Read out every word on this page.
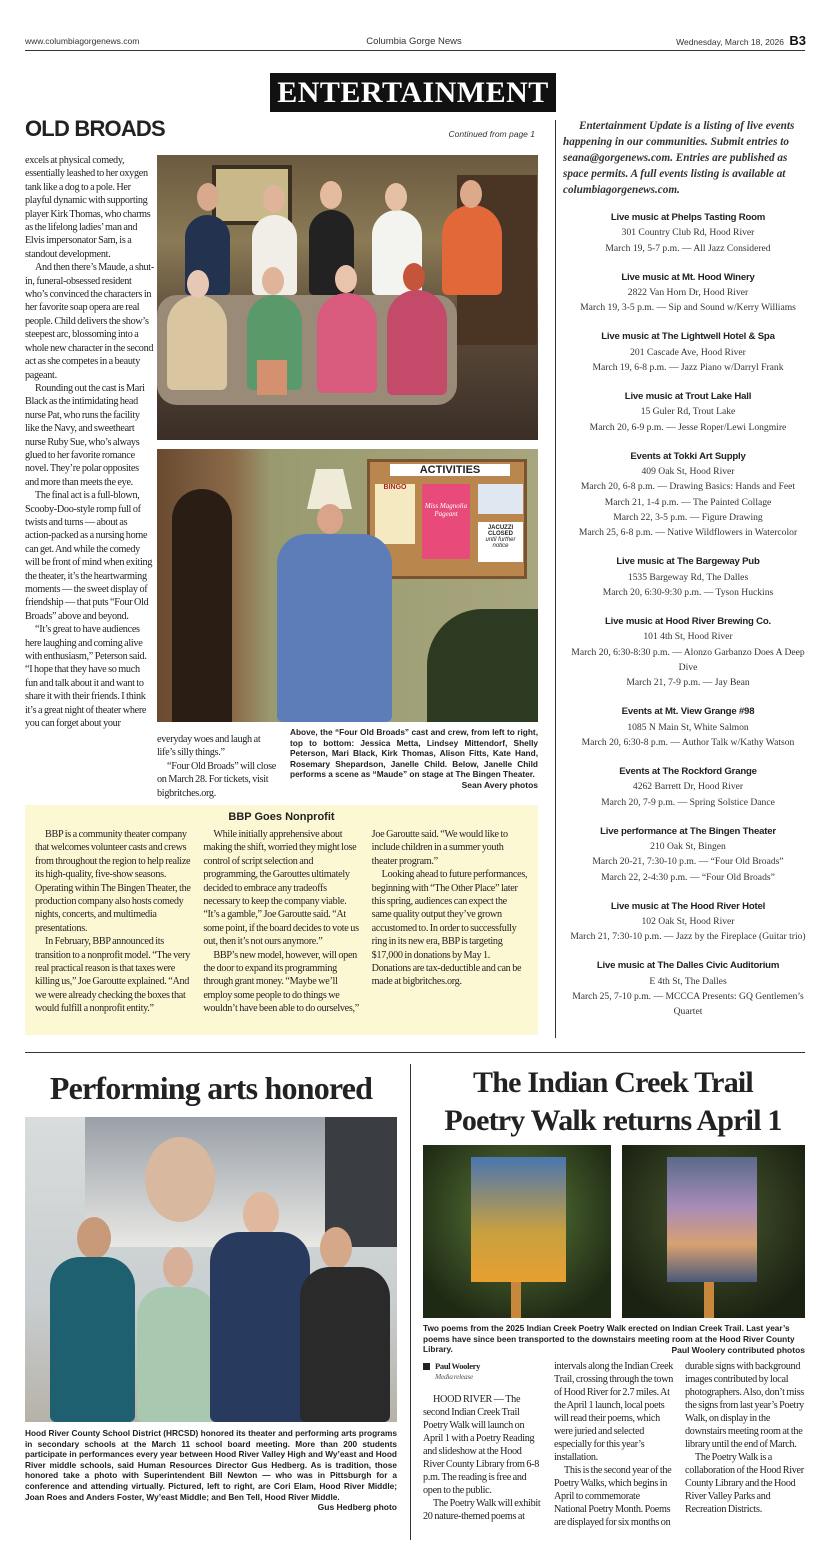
www.columbiagorgenews.com	Columbia Gorge News	Wednesday, March 18, 2026 B3
ENTERTAINMENT
OLD BROADS	Continued from page 1

excels at physical comedy, essentially leashed to her oxygen tank like a dog to a pole. Her playful dynamic with supporting player Kirk Thomas, who charms as the lifelong ladies’ man and Elvis impersonator Sam, is a standout development.

And then there’s Maude, a shut-in, funeral-obsessed resident who’s convinced the characters in her favorite soap opera are real people. Child delivers the show’s steepest arc, blossoming into a whole new character in the second act as she competes in a beauty pageant.

Rounding out the cast is Mari Black as the intimidating head nurse Pat, who runs the facility like the Navy, and sweetheart nurse Ruby Sue, who’s always glued to her favorite romance novel. They’re polar opposites and more than meets the eye.

The final act is a full-blown, Scooby-Doo-style romp full of twists and turns — about as action-packed as a nursing home can get. And while the comedy will be front of mind when exiting the theater, it’s the heartwarming moments — the sweet display of friendship — that puts “Four Old Broads” above and beyond.

“It’s great to have audiences here laughing and coming alive with enthusiasm,” Peterson said. “I hope that they have so much fun and talk about it and want to share it with their friends. I think it’s a great night of theater where you can forget about your

ACTIVITIES
BINGO
Miss Magnolia Pageant
JACUZZI CLOSED
until further notice

everyday woes and laugh at life’s silly things.”

“Four Old Broads” will close on March 28. For tickets, visit bigbritches.org.

Above, the “Four Old Broads” cast and crew, from left to right, top to bottom: Jessica Metta, Lindsey Mittendorf, Shelly Peterson, Mari Black, Kirk Thomas, Alison Fitts, Kate Hand, Rosemary Shepardson, Janelle Child. Below, Janelle Child performs a scene as “Maude” on stage at The Bingen Theater.
Sean Avery photos
BBP Goes Nonprofit

BBP is a community theater company that welcomes volunteer casts and crews from throughout the region to help realize its high-quality, five-show seasons. Operating within The Bingen Theater, the production company also hosts comedy nights, concerts, and multimedia presentations.

In February, BBP announced its transition to a nonprofit model. “The very real practical reason is that taxes were killing us,” Joe Garoutte explained. “And we were already checking the boxes that would fulfill a nonprofit entity.”

While initially apprehensive about making the shift, worried they might lose control of script selection and programming, the Garouttes ultimately decided to embrace any tradeoffs necessary to keep the company viable. “It’s a gamble,” Joe Garoutte said. “At some point, if the board decides to vote us out, then it’s not ours anymore.”

BBP’s new model, however, will open the door to expand its programming through grant money. “Maybe we’ll employ some people to do things we wouldn’t have been able to do ourselves,” Joe Garoutte said. “We would like to include children in a summer youth theater program.”

Looking ahead to future performances, beginning with “The Other Place” later this spring, audiences can expect the same quality output they’ve grown accustomed to. In order to successfully ring in its new era, BBP is targeting $17,000 in donations by May 1. Donations are tax-deductible and can be made at bigbritches.org.

Entertainment Update is a listing of live events happening in our communities. Submit entries to seana@gorgenews.com. Entries are published as space permits. A full events listing is available at columbiagorgenews.com.
Live music at Phelps Tasting Room
301 Country Club Rd, Hood River
March 19, 5-7 p.m. — All Jazz Considered
Live music at Mt. Hood Winery
2822 Van Horn Dr, Hood River
March 19, 3-5 p.m. — Sip and Sound w/Kerry Williams
Live music at The Lightwell Hotel & Spa
201 Cascade Ave, Hood River
March 19, 6-8 p.m. — Jazz Piano w/Darryl Frank
Live music at Trout Lake Hall
15 Guler Rd, Trout Lake
March 20, 6-9 p.m. — Jesse Roper/Lewi Longmire
Events at Tokki Art Supply
409 Oak St, Hood River
March 20, 6-8 p.m. — Drawing Basics: Hands and Feet
March 21, 1-4 p.m. — The Painted Collage
March 22, 3-5 p.m. — Figure Drawing
March 25, 6-8 p.m. — Native Wildflowers in Watercolor
Live music at The Bargeway Pub
1535 Bargeway Rd, The Dalles
March 20, 6:30-9:30 p.m. — Tyson Huckins
Live music at Hood River Brewing Co.
101 4th St, Hood River
March 20, 6:30-8:30 p.m. — Alonzo Garbanzo Does A Deep Dive
March 21, 7-9 p.m. — Jay Bean
Events at Mt. View Grange #98
1085 N Main St, White Salmon
March 20, 6:30-8 p.m. — Author Talk w/Kathy Watson
Events at The Rockford Grange
4262 Barrett Dr, Hood River
March 20, 7-9 p.m. — Spring Solstice Dance
Live performance at The Bingen Theater
210 Oak St, Bingen
March 20-21, 7:30-10 p.m. — “Four Old Broads”
March 22, 2-4:30 p.m. — “Four Old Broads”
Live music at The Hood River Hotel
102 Oak St, Hood River
March 21, 7:30-10 p.m. — Jazz by the Fireplace (Guitar trio)
Live music at The Dalles Civic Auditorium
E 4th St, The Dalles
March 25, 7-10 p.m. — MCCCA Presents: GQ Gentlemen’s Quartet
Performing arts honored
Hood River County School District (HRCSD) honored its theater and performing arts programs in secondary schools at the March 11 school board meeting. More than 200 students participate in performances every year between Hood River Valley High and Wy’east and Hood River middle schools, said Human Resources Director Gus Hedberg. As is tradition, those honored take a photo with Superintendent Bill Newton — who was in Pittsburgh for a conference and attending virtually. Pictured, left to right, are Cori Elam, Hood River Middle; Joan Roes and Anders Foster, Wy’east Middle; and Ben Tell, Hood River Middle.
Gus Hedberg photo
The Indian Creek Trail
Poetry Walk returns April 1
Two poems from the 2025 Indian Creek Poetry Walk erected on Indian Creek Trail. Last year’s poems have since been transported to the downstairs meeting room at the Hood River County Library.	Paul Woolery contributed photos
Paul Woolery
Media release

HOOD RIVER — The second Indian Creek Trail Poetry Walk will launch on April 1 with a Poetry Reading and slideshow at the Hood River County Library from 6-8 p.m. The reading is free and open to the public.

The Poetry Walk will exhibit 20 nature-themed poems at intervals along the Indian Creek Trail, crossing through the town of Hood River for 2.7 miles. At the April 1 launch, local poets will read their poems, which were juried and selected especially for this year’s installation.

This is the second year of the Poetry Walks, which begins in April to commemorate National Poetry Month. Poems are displayed for six months on durable signs with background images contributed by local photographers. Also, don’t miss the signs from last year’s Poetry Walk, on display in the downstairs meeting room at the library until the end of March.

The Poetry Walk is a collaboration of the Hood River County Library and the Hood River Valley Parks and Recreation Districts.
